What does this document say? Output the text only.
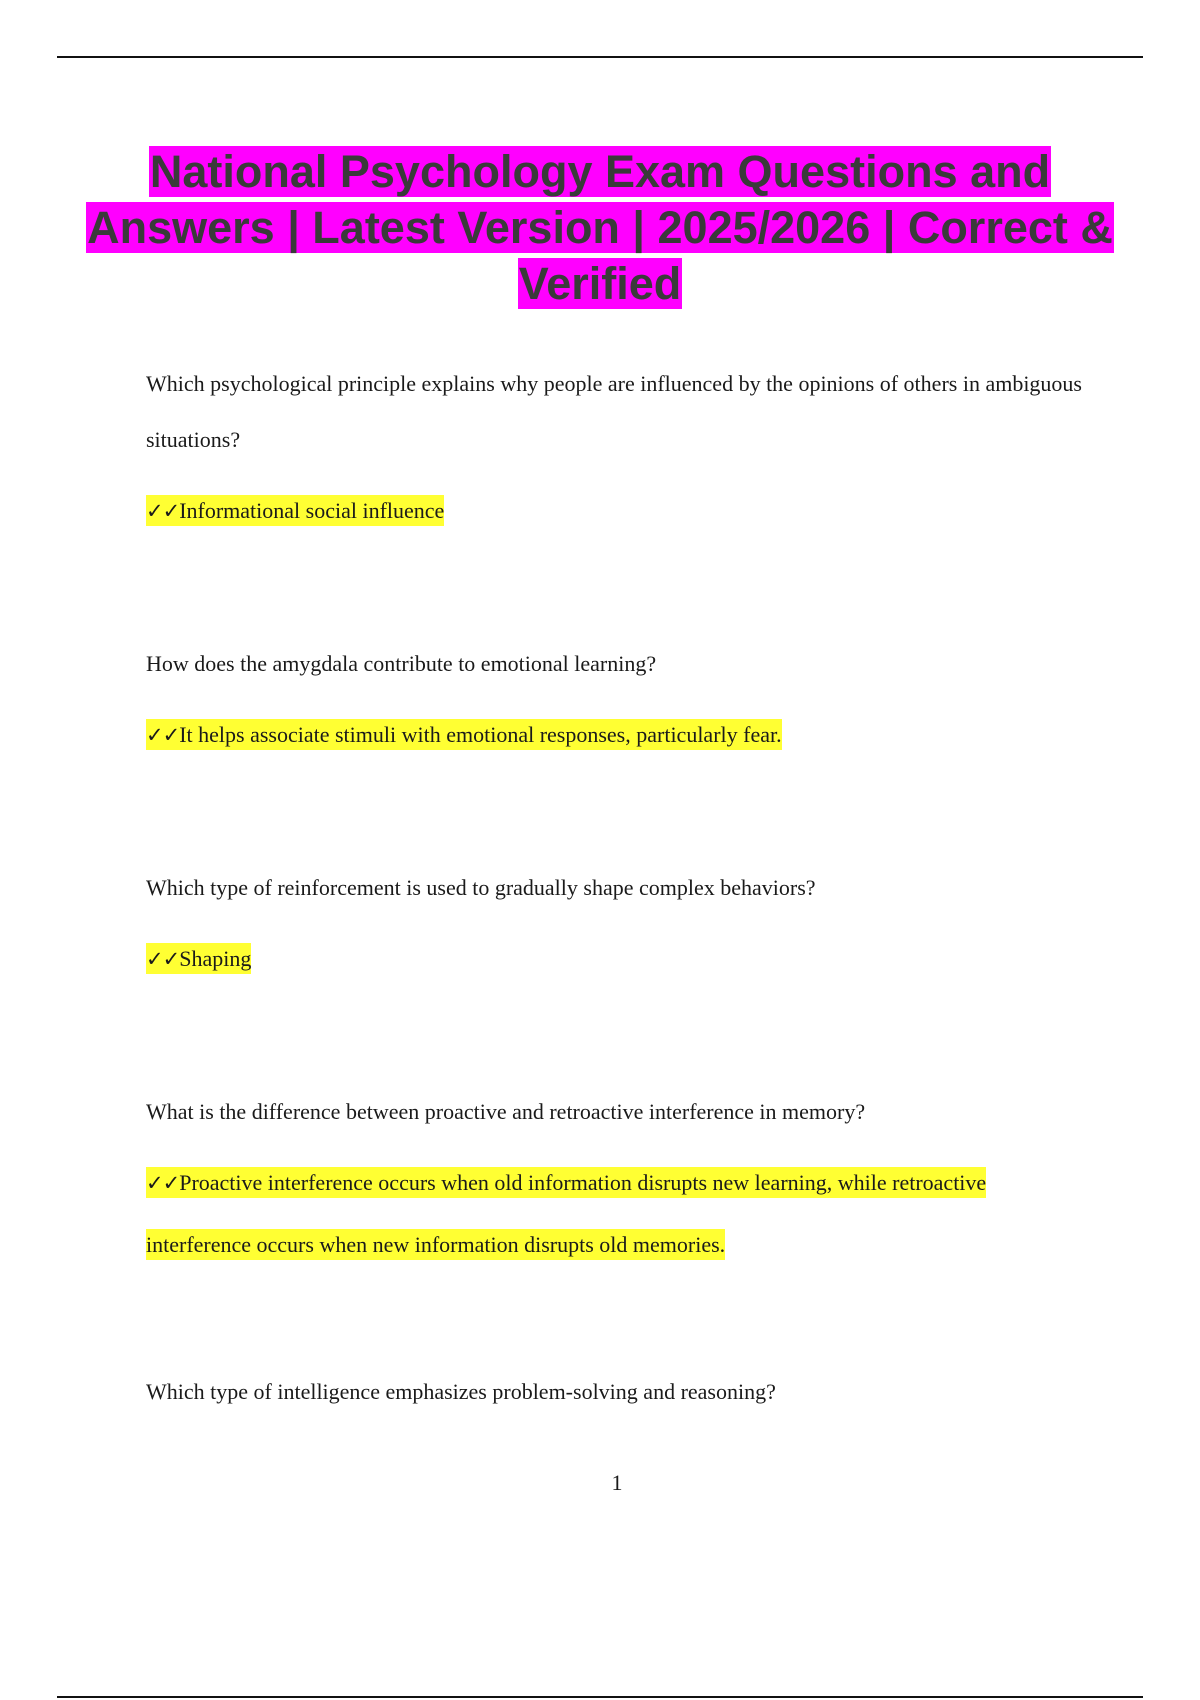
National Psychology Exam Questions and Answers | Latest Version | 2025/2026 | Correct & Verified
Which psychological principle explains why people are influenced by the opinions of others in ambiguous situations?
✓✓Informational social influence
How does the amygdala contribute to emotional learning?
✓✓It helps associate stimuli with emotional responses, particularly fear.
Which type of reinforcement is used to gradually shape complex behaviors?
✓✓Shaping
What is the difference between proactive and retroactive interference in memory?
✓✓Proactive interference occurs when old information disrupts new learning, while retroactive interference occurs when new information disrupts old memories.
Which type of intelligence emphasizes problem-solving and reasoning?
1
